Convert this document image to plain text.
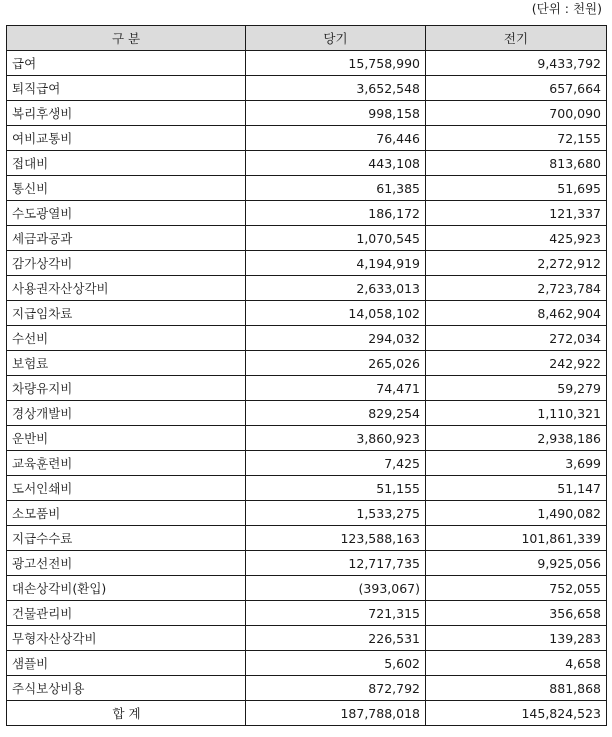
(단위 : 천원)
구 분	당기	전기
급여	15,758,990	9,433,792
퇴직급여	3,652,548	657,664
복리후생비	998,158	700,090
여비교통비	76,446	72,155
접대비	443,108	813,680
통신비	61,385	51,695
수도광열비	186,172	121,337
세금과공과	1,070,545	425,923
감가상각비	4,194,919	2,272,912
사용권자산상각비	2,633,013	2,723,784
지급임차료	14,058,102	8,462,904
수선비	294,032	272,034
보험료	265,026	242,922
차량유지비	74,471	59,279
경상개발비	829,254	1,110,321
운반비	3,860,923	2,938,186
교육훈련비	7,425	3,699
도서인쇄비	51,155	51,147
소모품비	1,533,275	1,490,082
지급수수료	123,588,163	101,861,339
광고선전비	12,717,735	9,925,056
대손상각비(환입)	(393,067)	752,055
건물관리비	721,315	356,658
무형자산상각비	226,531	139,283
샘플비	5,602	4,658
주식보상비용	872,792	881,868
합 계	187,788,018	145,824,523
